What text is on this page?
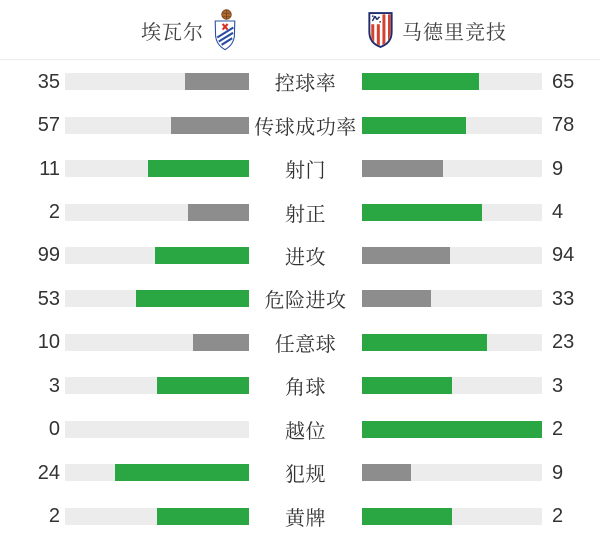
埃瓦尔	马德里竞技
35	控球率	65
57	传球成功率	78
11	射门	9
2	射正	4
99	进攻	94
53	危险进攻	33
10	任意球	23
3	角球	3
0	越位	2
24	犯规	9
2	黄牌	2
